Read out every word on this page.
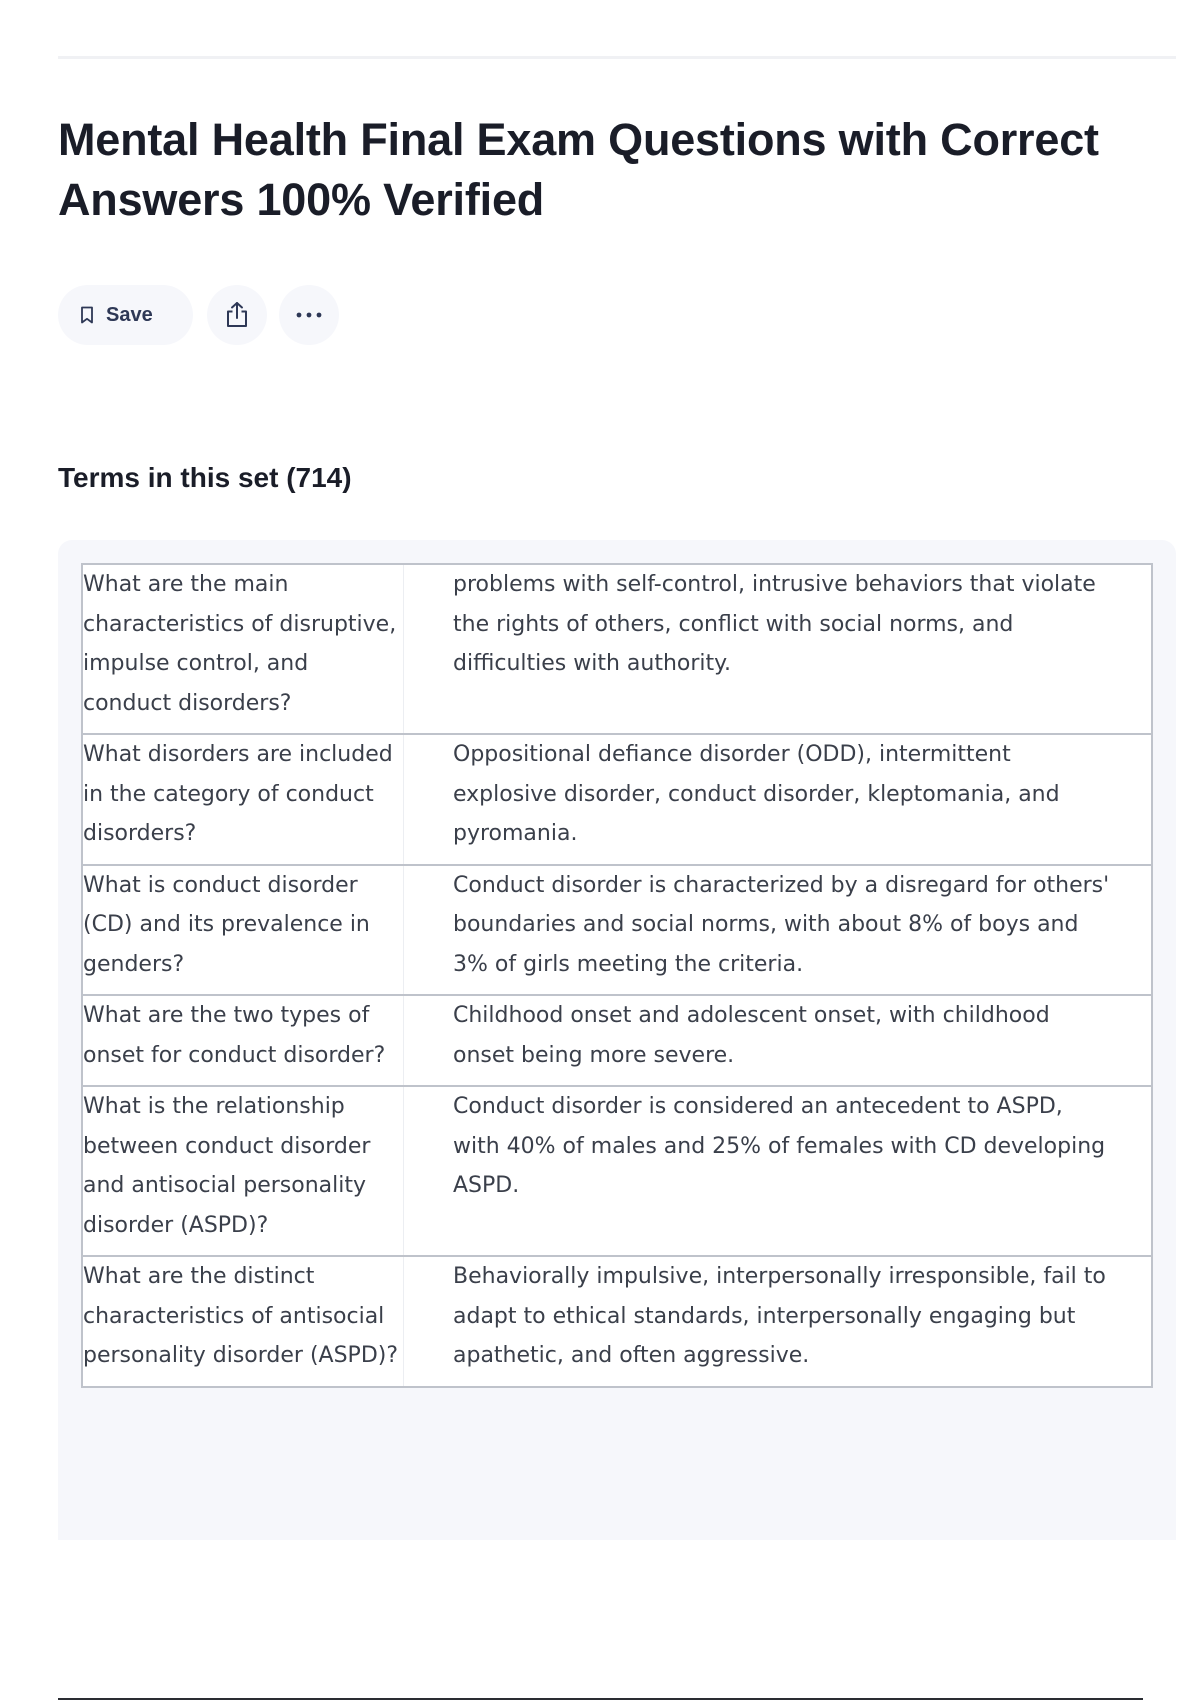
Mental Health Final Exam Questions with Correct Answers 100% Verified
Save
Terms in this set (714)
What are the main characteristics of disruptive, impulse control, and conduct disorders?	problems with self-control, intrusive behaviors that violate the rights of others, conflict with social norms, and difficulties with authority.

What disorders are included in the category of conduct disorders?	Oppositional defiance disorder (ODD), intermittent explosive disorder, conduct disorder, kleptomania, and pyromania.

What is conduct disorder (CD) and its prevalence in genders?	Conduct disorder is characterized by a disregard for others' boundaries and social norms, with about 8% of boys and 3% of girls meeting the criteria.

What are the two types of onset for conduct disorder?	Childhood onset and adolescent onset, with childhood onset being more severe.

What is the relationship between conduct disorder and antisocial personality disorder (ASPD)?	Conduct disorder is considered an antecedent to ASPD, with 40% of males and 25% of females with CD developing ASPD.

What are the distinct characteristics of antisocial personality disorder (ASPD)?	Behaviorally impulsive, interpersonally irresponsible, fail to adapt to ethical standards, interpersonally engaging but apathetic, and often aggressive.
